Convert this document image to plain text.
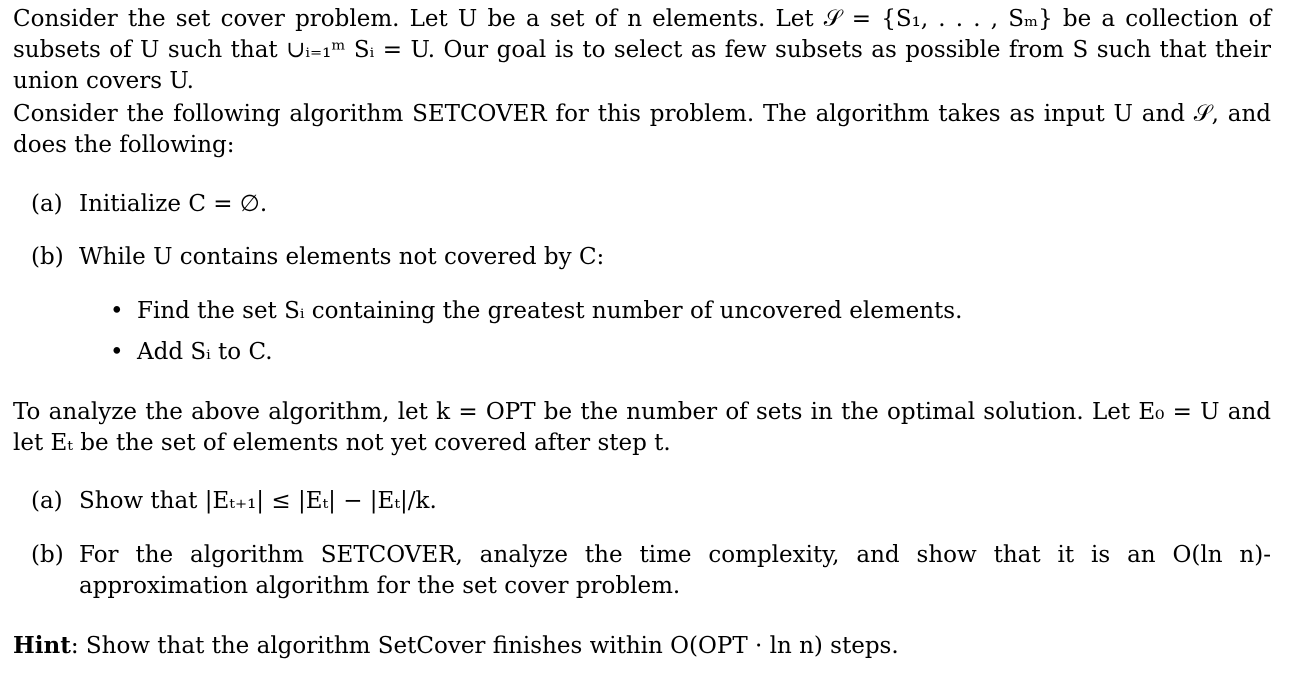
Consider the set cover problem. Let U be a set of n elements. Let 𝒮 = {S₁, . . . , Sₘ} be a collection of subsets of U such that ∪ᵢ₌₁ᵐ Sᵢ = U. Our goal is to select as few subsets as possible from S such that their union covers U.
Consider the following algorithm SETCOVER for this problem. The algorithm takes as input U and 𝒮, and does the following:
(a) Initialize C = ∅.
(b) While U contains elements not covered by C:
• Find the set Sᵢ containing the greatest number of uncovered elements.
• Add Sᵢ to C.
To analyze the above algorithm, let k = OPT be the number of sets in the optimal solution. Let E₀ = U and let Eₜ be the set of elements not yet covered after step t.
(a) Show that |Eₜ₊₁| ≤ |Eₜ| − |Eₜ|/k.
(b) For the algorithm SETCOVER, analyze the time complexity, and show that it is an O(ln n)-approximation algorithm for the set cover problem.
Hint: Show that the algorithm SetCover finishes within O(OPT · ln n) steps.
